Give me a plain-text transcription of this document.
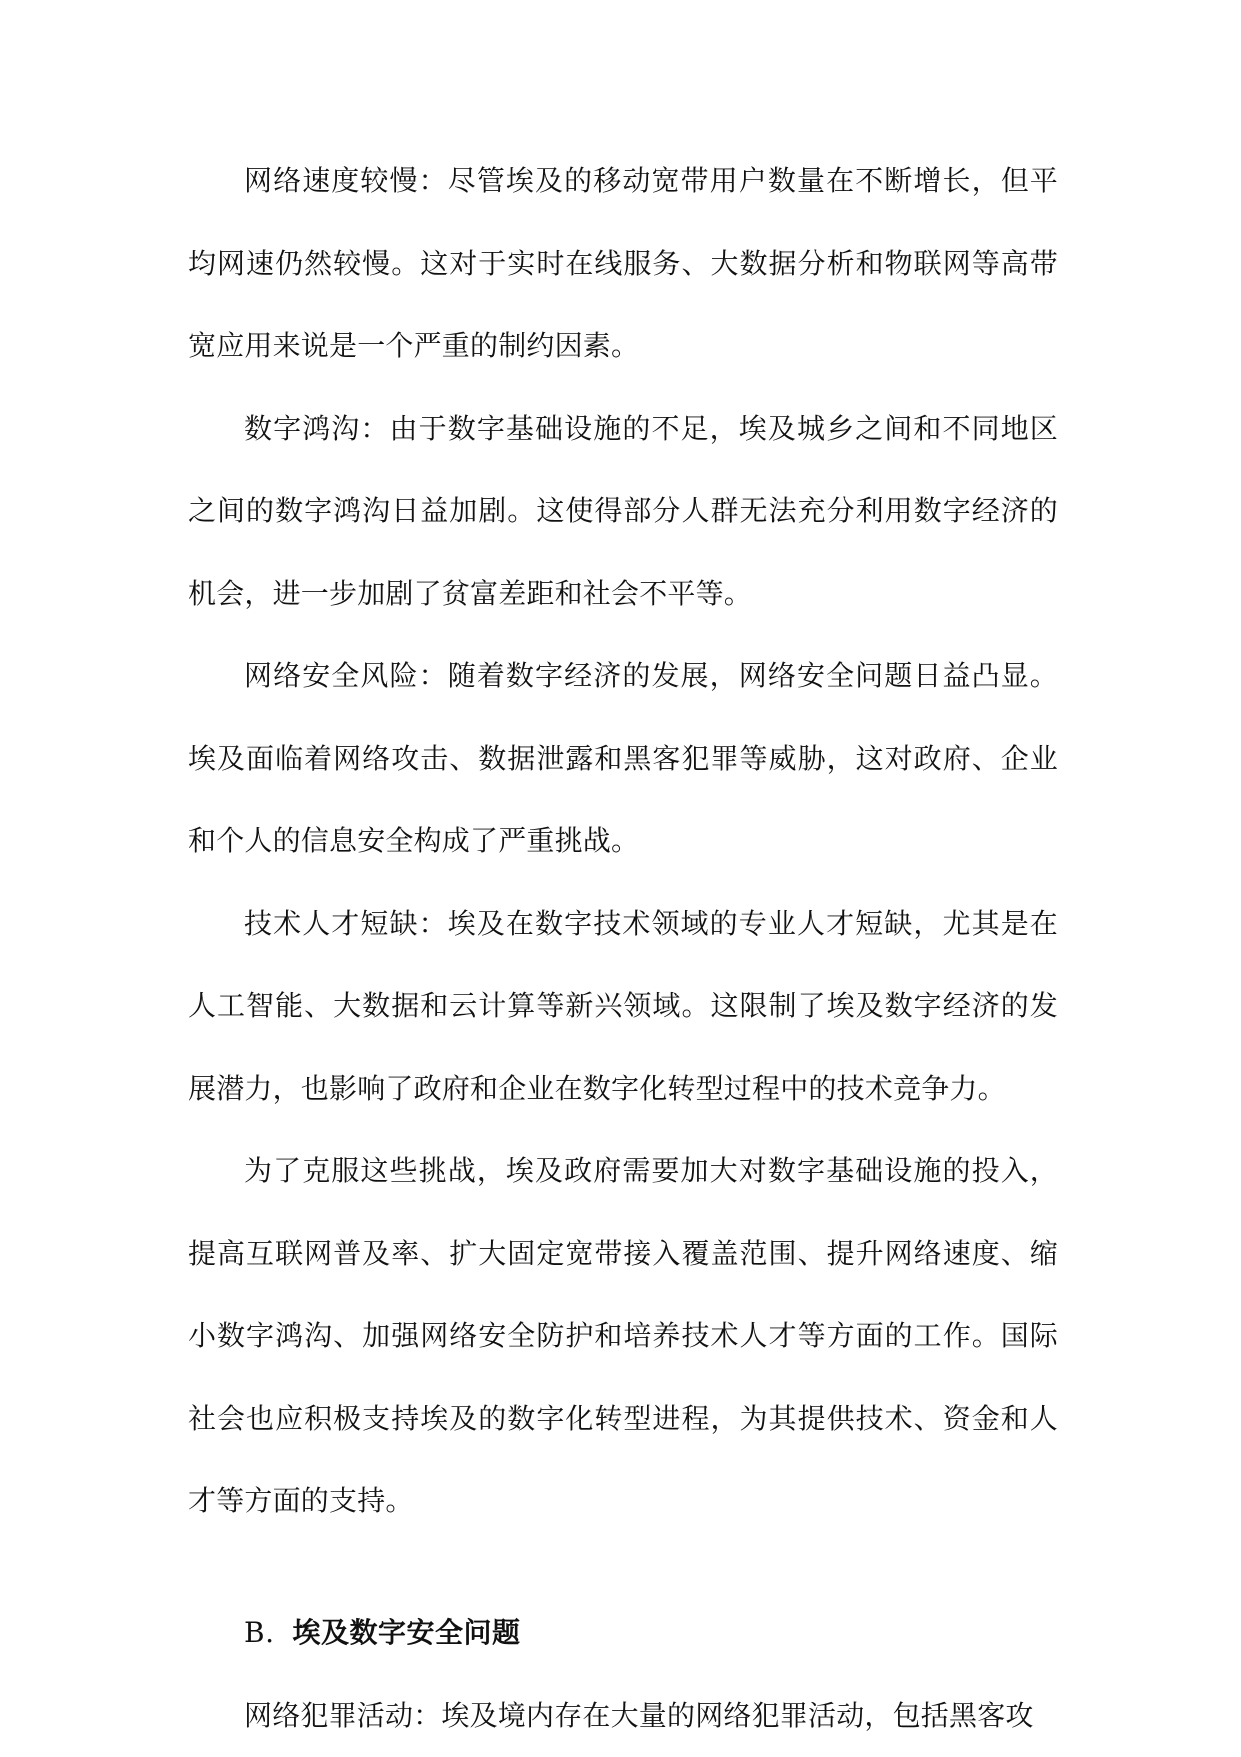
网络速度较慢：尽管埃及的移动宽带用户数量在不断增长，但平均网速仍然较慢。这对于实时在线服务、大数据分析和物联网等高带宽应用来说是一个严重的制约因素。

数字鸿沟：由于数字基础设施的不足，埃及城乡之间和不同地区之间的数字鸿沟日益加剧。这使得部分人群无法充分利用数字经济的机会，进一步加剧了贫富差距和社会不平等。

网络安全风险：随着数字经济的发展，网络安全问题日益凸显。埃及面临着网络攻击、数据泄露和黑客犯罪等威胁，这对政府、企业和个人的信息安全构成了严重挑战。

技术人才短缺：埃及在数字技术领域的专业人才短缺，尤其是在人工智能、大数据和云计算等新兴领域。这限制了埃及数字经济的发展潜力，也影响了政府和企业在数字化转型过程中的技术竞争力。

为了克服这些挑战，埃及政府需要加大对数字基础设施的投入，提高互联网普及率、扩大固定宽带接入覆盖范围、提升网络速度、缩小数字鸿沟、加强网络安全防护和培养技术人才等方面的工作。国际社会也应积极支持埃及的数字化转型进程，为其提供技术、资金和人才等方面的支持。

B. 埃及数字安全问题

网络犯罪活动：埃及境内存在大量的网络犯罪活动，包括黑客攻
